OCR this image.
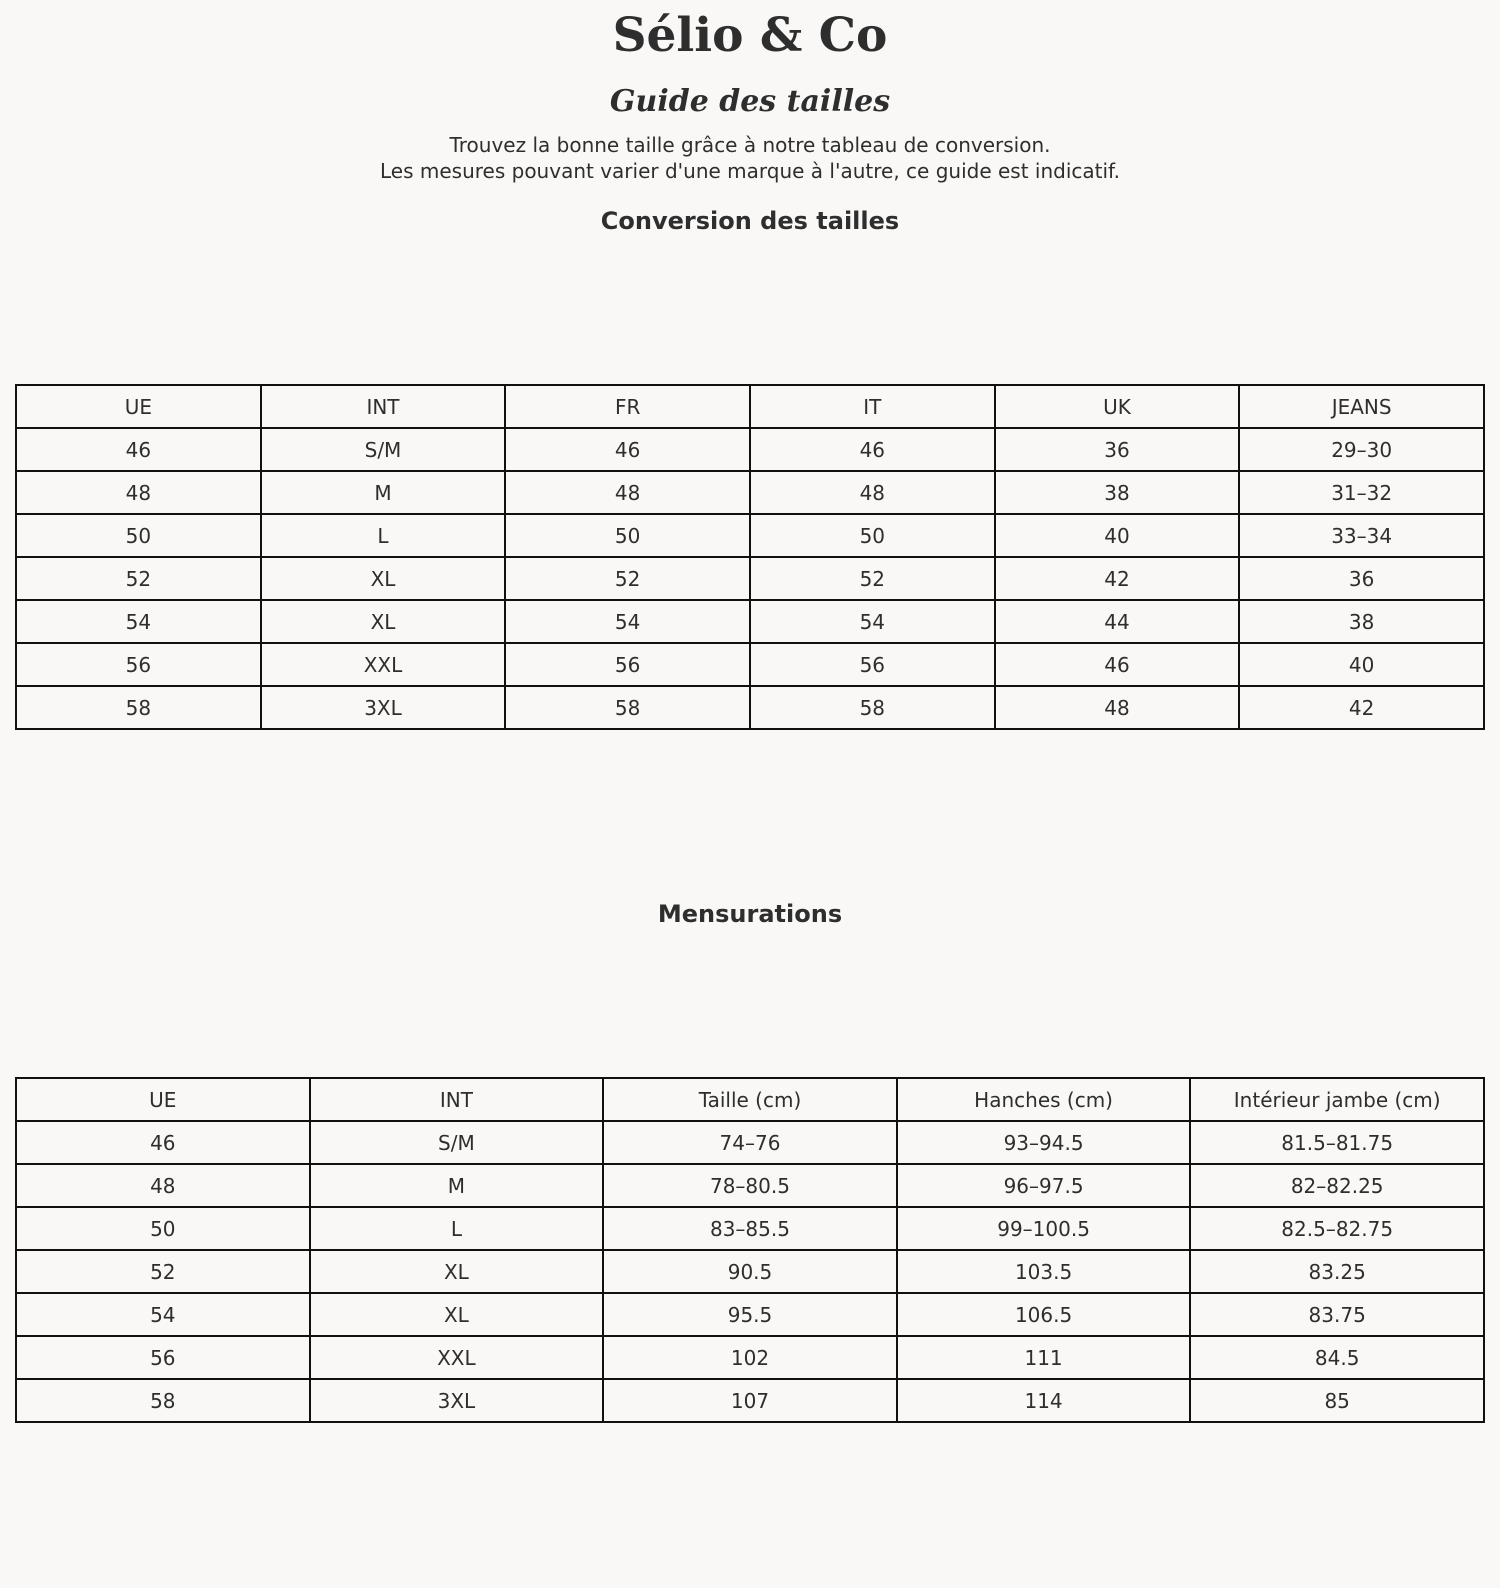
Sélio & Co
Guide des tailles

Trouvez la bonne taille grâce à notre tableau de conversion.
Les mesures pouvant varier d'une marque à l'autre, ce guide est indicatif.

Conversion des tailles
UE	INT	FR	IT	UK	JEANS
46	S/M	46	46	36	29–30
48	M	48	48	38	31–32
50	L	50	50	40	33–34
52	XL	52	52	42	36
54	XL	54	54	44	38
56	XXL	56	56	46	40
58	3XL	58	58	48	42
Mensurations
UE	INT	Taille (cm)	Hanches (cm)	Intérieur jambe (cm)
46	S/M	74–76	93–94.5	81.5–81.75
48	M	78–80.5	96–97.5	82–82.25
50	L	83–85.5	99–100.5	82.5–82.75
52	XL	90.5	103.5	83.25
54	XL	95.5	106.5	83.75
56	XXL	102	111	84.5
58	3XL	107	114	85
